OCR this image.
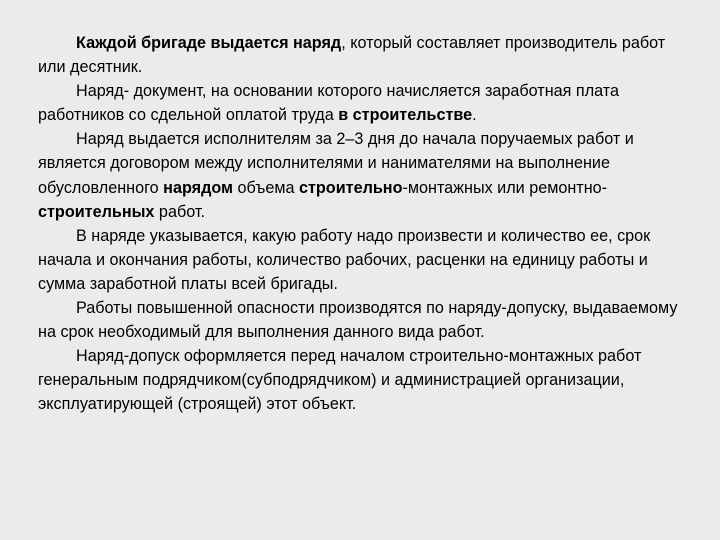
Каждой бригаде выдается наряд, который составляет производитель работ или десятник.

Наряд- документ, на основании которого начисляется заработная плата работников со сдельной оплатой труда в строительстве.

Наряд выдается исполнителям за 2–3 дня до начала поручаемых работ и является договором между исполнителями и нанимателями на выполнение обусловленного нарядом объема строительно-монтажных или ремонтно-строительных работ.

В наряде указывается, какую работу надо произвести и количество ее, срок начала и окончания работы, количество рабочих, расценки на единицу работы и сумма заработной платы всей бригады.

Работы повышенной опасности производятся по наряду-допуску, выдаваемому на срок необходимый для выполнения данного вида работ.

Наряд-допуск оформляется перед началом строительно-монтажных работ генеральным подрядчиком(субподрядчиком) и администрацией организации, эксплуатирующей (строящей) этот объект.
